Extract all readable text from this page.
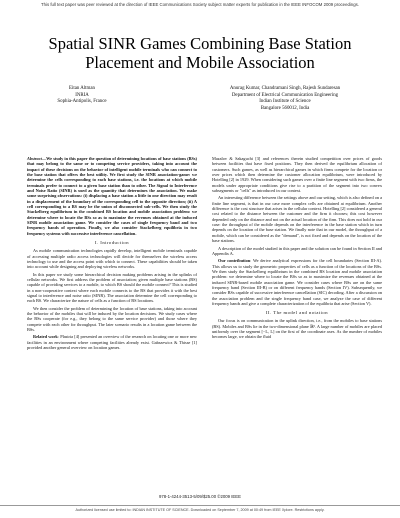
This full text paper was peer reviewed at the direction of IEEE Communications Society subject matter experts for publication in the IEEE INFOCOM 2009 proceedings.
Spatial SINR Games Combining Base Station Placement and Mobile Association
Eitan Altman
INRIA
Sophia-Antipolis, France
Anurag Kumar, Chandramani Singh, Rajesh Sundaresan
Department of Electrical Communication Engineering
Indian Institute of Science
Bangalore 560012, India

Abstract—We study in this paper the question of determining locations of base stations (BSs) that may belong to the same or to competing service providers, taking into account the impact of these decisions on the behavior of intelligent mobile terminals who can connect to the base station that offers the best utility. We first study the SINR association-game: we determine the cells corresponding to each base stations, i.e. the locations at which mobile terminals prefer to connect to a given base station than to other. The Signal to Interference and Noise Ratio (SINR) is used as the quantity that determines the association. We make some surprising observations: (i) displacing a base station a little in one direction may result in a displacement of the boundary of the corresponding cell to the opposite direction; (ii) A cell corresponding to a BS may be the union of disconnected sub-cells. We then study the Stackelberg equilibrium in the combined BS location and mobile association problem: we determine where to locate the BSs so as to maximize the revenues obtained at the induced SINR mobile association game. We consider the cases of single frequency band and two frequency bands of operation. Finally, we also consider Stackelberg equilibria in two frequency systems with successive interference cancellation.

I. Introduction

As mobile communication technologies rapidly develop, intelligent mobile terminals capable of accessing multiple radio access technologies will decide for themselves the wireless access technology to use and the access point with which to connect. These capabilities should be taken into account while designing and deploying wireless networks.

In this paper we study some hierarchical decision making problems arising in the uplinks of cellular networks. We first address the problem of association; given multiple base stations (BS) capable of providing services to a mobile, to which BS should the mobile connect? This is studied in a non-cooperative context where each mobile connects to the BS that provides it with the best signal to interference and noise ratio (SINR). The association determine the cell corresponding to each BS. We characterize the nature of cells as a function of BS locations.

We then consider the problem of determining the location of base stations, taking into account the behavior of the mobiles that will be induced by the location decisions. We study cases where the BSs cooperate (for e.g., they belong to the same service provider) and those where they compete with each other for throughput. The later scenario results in a location game between the BSs.

Related work: Plastria [4] presented an overview of the research on locating one or more new facilities in an environment where competing facilities already exist. Gabszewicz & Thisse [1] provided another general overview on location games.

Mazalov & Sakaguchi [3] and references therein studied competition over prices of goods between facilities that have fixed positions. They then derived the equilibrium allocation of customers. Such games, as well as hierarchical games in which firms compete for the location or over prices which then determine the customer allocation equilibrium, were introduced by Hotelling [2] in 1929. When considering such games over a finite line segment with two firms, the models under appropriate conditions give rise to a partition of the segment into two convex subsegments or "cells" as introduced in our context.

An interesting difference between the settings above and our setting, which is also defined on a finite line segment, is that in our case more complex cells are obtained at equilibrium. Another difference is the cost structure that arises in the cellular context. Hotelling [2] considered a general cost related to the distance between the customer and the firm it chooses; this cost however depended only on the distance and not on the actual location of the firm. This does not hold in our case: the throughput of the mobile depends on the interference in the base station which in turn depends on the location of the base station. We finally note that in our model, the throughput of a mobile, which can be considered as the "demand", is not fixed and depends on the location of the base stations.

A description of the model studied in this paper and the solution can be found in Section II and Appendix A.

Our contribution: We derive analytical expressions for the cell boundaries (Section III-A). This allows us to study the geometric properties of cells as a function of the locations of the BSs. We then study the Stackelberg equilibrium in the combined BS location and mobile association problem: we determine where to locate the BSs so as to maximize the revenues obtained at the induced SINR-based mobile association game. We consider cases where BSs are on the same frequency band (Section III-B) or on different frequency bands (Section IV). Subsequently, we consider BSs capable of successive interference cancellation (SIC) decoding. After a discussion on the association problem and the single frequency band case, we analyze the case of different frequency bands and give a complete characterization of the equilibria that arise (Section V).

II. The model and notation

Our focus is on communication in the uplink direction, i.e., from the mobiles to base stations (BS). Mobiles and BSs lie in the two-dimensional plane ℝ². A large number of mobiles are placed uniformly over the segment [−L, L] on the first of the coordinate axes. As the number of mobiles becomes large, we obtain the fluid

978-1-4244-3513-5/09/$25.00 ©2009 IEEE
Authorized licensed use limited to: INDIAN INSTITUTE OF SCIENCE. Downloaded on September 7, 2009 at 00:49 from IEEE Xplore. Restrictions apply.
